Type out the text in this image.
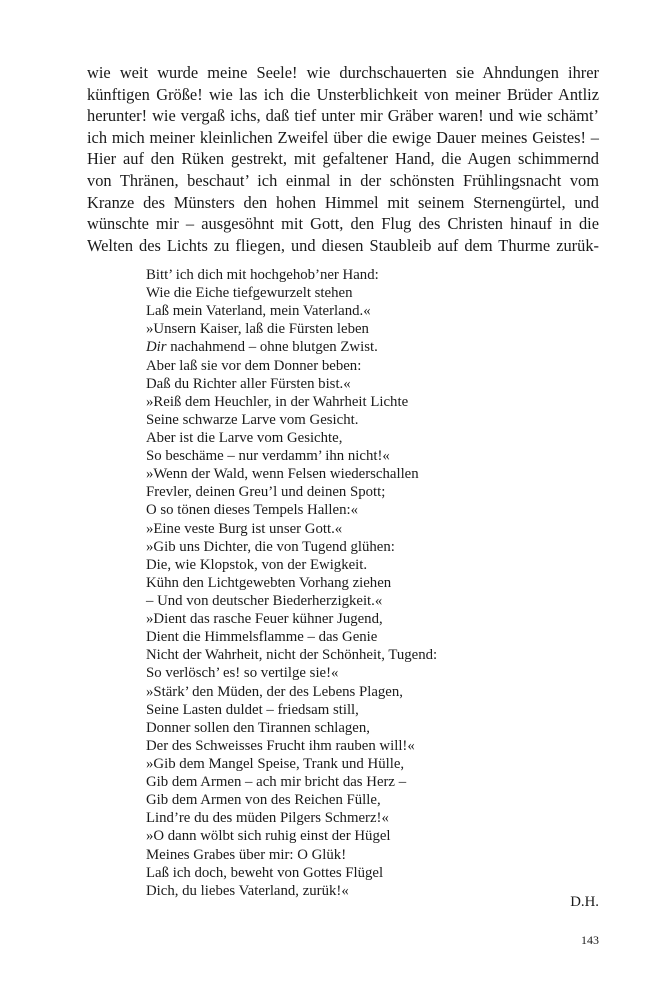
wie weit wurde meine Seele! wie durchschauerten sie Ahndungen ihrer
künftigen Größe! wie las ich die Unsterblichkeit von meiner Brüder Antliz
herunter! wie vergaß ichs, daß tief unter mir Gräber waren! und wie schämt’
ich mich meiner kleinlichen Zweifel über die ewige Dauer meines Geistes! –
Hier auf den Rüken gestrekt, mit gefaltener Hand, die Augen schimmernd
von Thränen, beschaut’ ich einmal in der schönsten Frühlingsnacht vom
Kranze des Münsters den hohen Himmel mit seinem Sternengürtel, und
wünschte mir – ausgesöhnt mit Gott, den Flug des Christen hinauf in die
Welten des Lichts zu fliegen, und diesen Staubleib auf dem Thurme zurük-
Bitt’ ich dich mit hochgehob’ner Hand:
Wie die Eiche tiefgewurzelt stehen
Laß mein Vaterland, mein Vaterland.«
»Unsern Kaiser, laß die Fürsten leben
Dir nachahmend – ohne blutgen Zwist.
Aber laß sie vor dem Donner beben:
Daß du Richter aller Fürsten bist.«
»Reiß dem Heuchler, in der Wahrheit Lichte
Seine schwarze Larve vom Gesicht.
Aber ist die Larve vom Gesichte,
So beschäme – nur verdamm’ ihn nicht!«
»Wenn der Wald, wenn Felsen wiederschallen
Frevler, deinen Greu’l und deinen Spott;
O so tönen dieses Tempels Hallen:«
»Eine veste Burg ist unser Gott.«
»Gib uns Dichter, die von Tugend glühen:
Die, wie Klopstok, von der Ewigkeit.
Kühn den Lichtgewebten Vorhang ziehen
– Und von deutscher Biederherzigkeit.«
»Dient das rasche Feuer kühner Jugend,
Dient die Himmelsflamme – das Genie
Nicht der Wahrheit, nicht der Schönheit, Tugend:
So verlösch’ es! so vertilge sie!«
»Stärk’ den Müden, der des Lebens Plagen,
Seine Lasten duldet – friedsam still,
Donner sollen den Tirannen schlagen,
Der des Schweisses Frucht ihm rauben will!«
»Gib dem Mangel Speise, Trank und Hülle,
Gib dem Armen – ach mir bricht das Herz –
Gib dem Armen von des Reichen Fülle,
Lind’re du des müden Pilgers Schmerz!«
»O dann wölbt sich ruhig einst der Hügel
Meines Grabes über mir: O Glük!
Laß ich doch, beweht von Gottes Flügel
Dich, du liebes Vaterland, zurük!«
D.H.
143
